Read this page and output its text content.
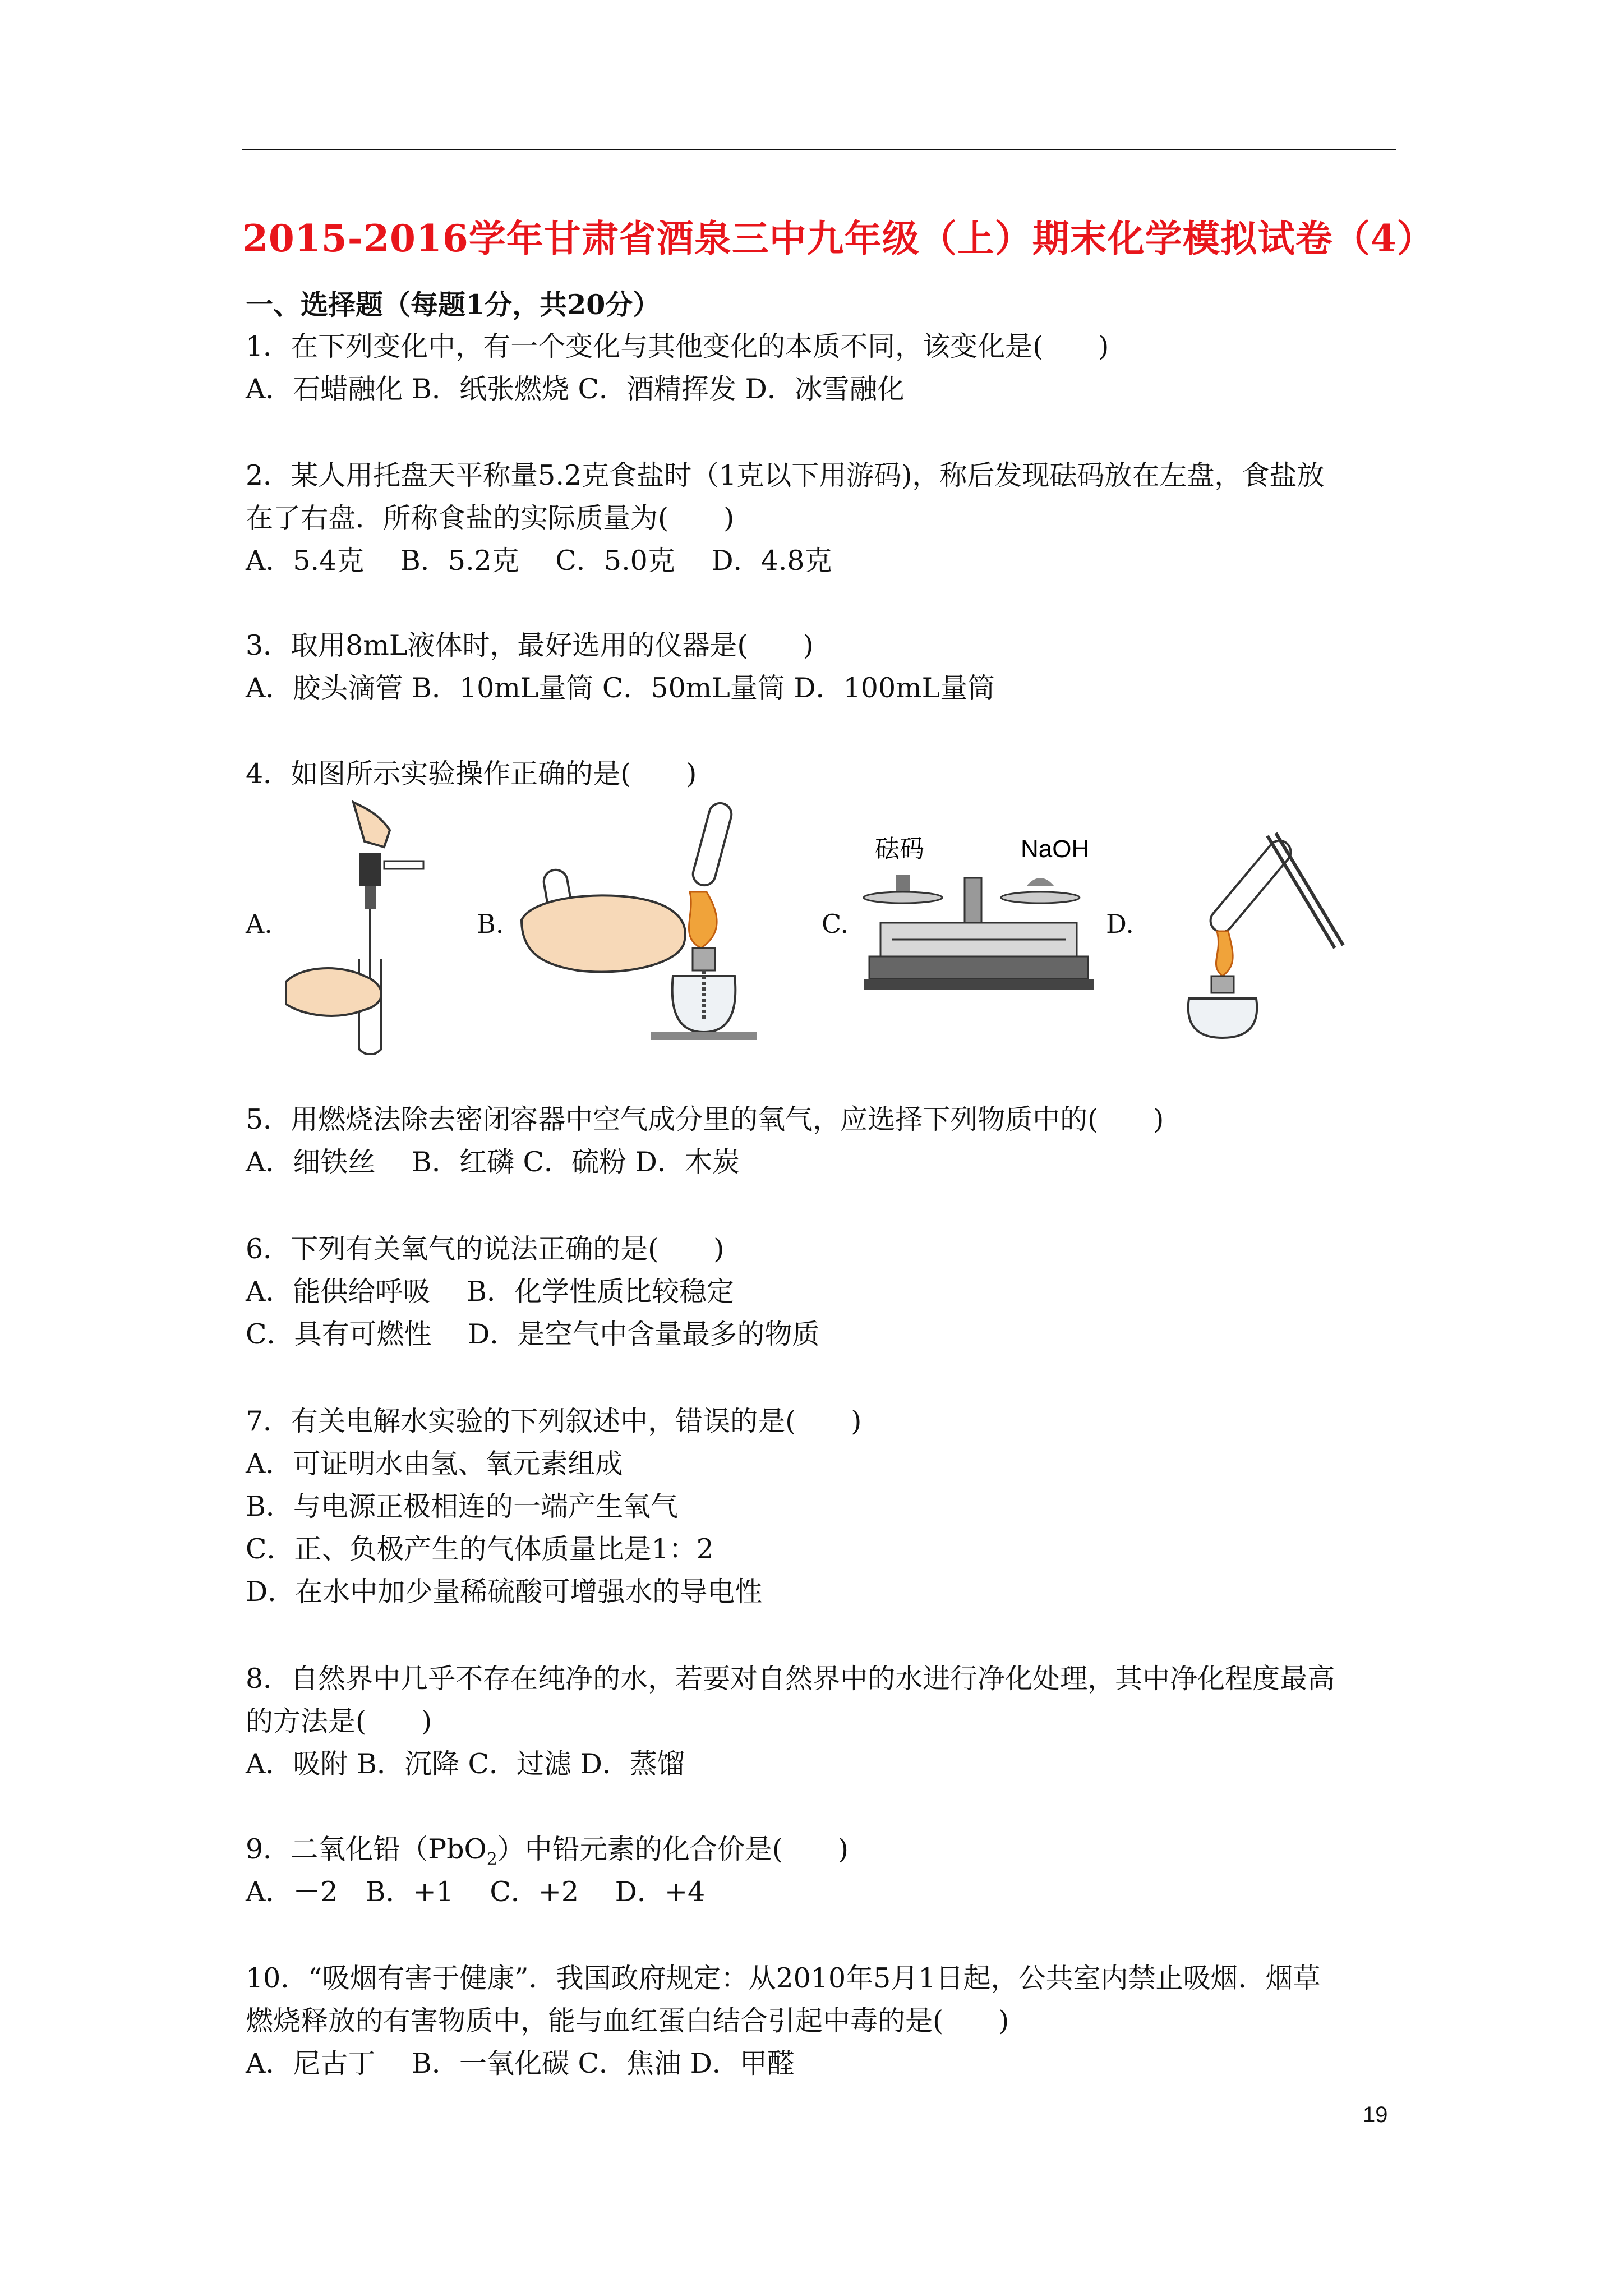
2015-2016学年甘肃省酒泉三中九年级（上）期末化学模拟试卷（4）
一、选择题（每题1分，共20分）
1．在下列变化中，有一个变化与其他变化的本质不同，该变化是(　　)
A．石蜡融化 B．纸张燃烧 C．酒精挥发 D．冰雪融化
2．某人用托盘天平称量5.2克食盐时（1克以下用游码)，称后发现砝码放在左盘，食盐放
在了右盘．所称食盐的实际质量为(　　)
A．5.4克　 B．5.2克　 C．5.0克　 D．4.8克
3．取用8mL液体时，最好选用的仪器是(　　)
A．胶头滴管 B．10mL量筒 C．50mL量筒 D．100mL量筒
4．如图所示实验操作正确的是(　　)
A.	B.	C.	D.
砝码	NaOH
5．用燃烧法除去密闭容器中空气成分里的氧气，应选择下列物质中的(　　)
A．细铁丝　 B．红磷 C．硫粉 D．木炭
6．下列有关氧气的说法正确的是(　　)
A．能供给呼吸　 B．化学性质比较稳定
C．具有可燃性　 D．是空气中含量最多的物质
7．有关电解水实验的下列叙述中，错误的是(　　)
A．可证明水由氢、氧元素组成
B．与电源正极相连的一端产生氧气
C．正、负极产生的气体质量比是1：2
D．在水中加少量稀硫酸可增强水的导电性
8．自然界中几乎不存在纯净的水，若要对自然界中的水进行净化处理，其中净化程度最高
的方法是(　　)
A．吸附 B．沉降 C．过滤 D．蒸馏
9．二氧化铅（PbO$_2$）中铅元素的化合价是(　　)
A．－2　B．+1　 C．+2　 D．+4
10．“吸烟有害于健康”．我国政府规定：从2010年5月1日起，公共室内禁止吸烟．烟草
燃烧释放的有害物质中，能与血红蛋白结合引起中毒的是(　　)
A．尼古丁　 B．一氧化碳 C．焦油 D．甲醛
19
